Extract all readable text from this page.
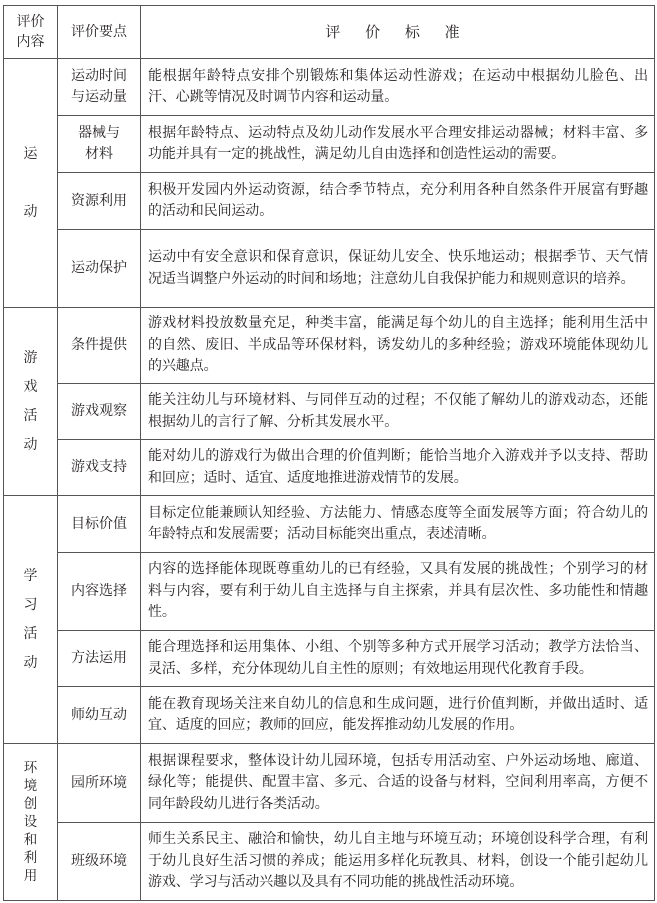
评价内容	评价要点	评 价 标 准
运动	运动时间与运动量	能根据年龄特点安排个别锻炼和集体运动性游戏；在运动中根据幼儿脸色、出汗、心跳等情况及时调节内容和运动量。
	器械与材料	根据年龄特点、运动特点及幼儿动作发展水平合理安排运动器械；材料丰富、多功能并具有一定的挑战性，满足幼儿自由选择和创造性运动的需要。
	资源利用	积极开发园内外运动资源，结合季节特点，充分利用各种自然条件开展富有野趣的活动和民间运动。
	运动保护	运动中有安全意识和保育意识，保证幼儿安全、快乐地运动；根据季节、天气情况适当调整户外运动的时间和场地；注意幼儿自我保护能力和规则意识的培养。
游戏活动	条件提供	游戏材料投放数量充足，种类丰富，能满足每个幼儿的自主选择；能利用生活中的自然、废旧、半成品等环保材料，诱发幼儿的多种经验；游戏环境能体现幼儿的兴趣点。
	游戏观察	能关注幼儿与环境材料、与同伴互动的过程；不仅能了解幼儿的游戏动态，还能根据幼儿的言行了解、分析其发展水平。
	游戏支持	能对幼儿的游戏行为做出合理的价值判断；能恰当地介入游戏并予以支持、帮助和回应；适时、适宜、适度地推进游戏情节的发展。
学习活动	目标价值	目标定位能兼顾认知经验、方法能力、情感态度等全面发展等方面；符合幼儿的年龄特点和发展需要；活动目标能突出重点，表述清晰。
	内容选择	内容的选择能体现既尊重幼儿的已有经验，又具有发展的挑战性；个别学习的材料与内容，要有利于幼儿自主选择与自主探索，并具有层次性、多功能性和情趣性。
	方法运用	能合理选择和运用集体、小组、个别等多种方式开展学习活动；教学方法恰当、灵活、多样，充分体现幼儿自主性的原则；有效地运用现代化教育手段。
	师幼互动	能在教育现场关注来自幼儿的信息和生成问题，进行价值判断，并做出适时、适宜、适度的回应；教师的回应，能发挥推动幼儿发展的作用。
环境创设和利用	园所环境	根据课程要求，整体设计幼儿园环境，包括专用活动室、户外运动场地、廊道、绿化等；能提供、配置丰富、多元、合适的设备与材料，空间利用率高，方便不同年龄段幼儿进行各类活动。
	班级环境	师生关系民主、融洽和愉快，幼儿自主地与环境互动；环境创设科学合理，有利于幼儿良好生活习惯的养成；能运用多样化玩教具、材料，创设一个能引起幼儿游戏、学习与活动兴趣以及具有不同功能的挑战性活动环境。
